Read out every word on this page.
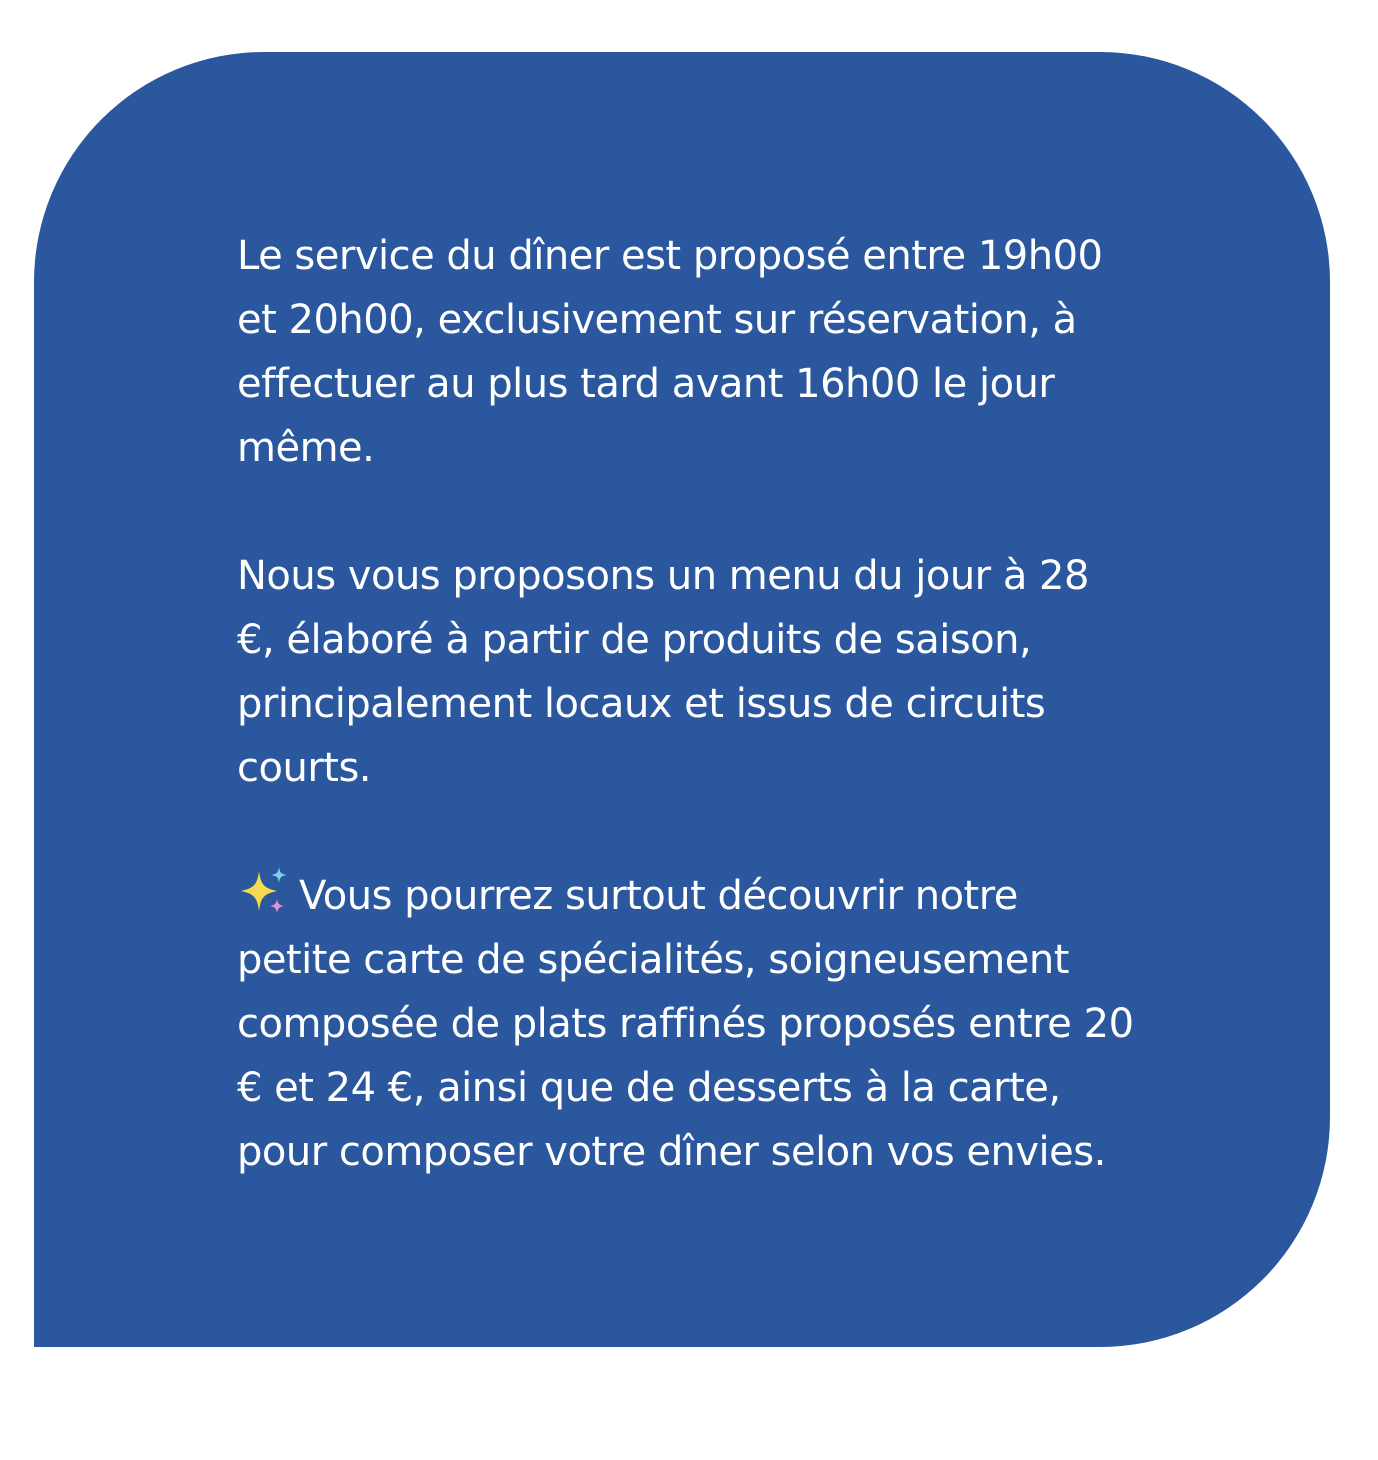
Le service du dîner est proposé entre 19h00 et 20h00, exclusivement sur réservation, à effectuer au plus tard avant 16h00 le jour même.

Nous vous proposons un menu du jour à 28 €, élaboré à partir de produits de saison, principalement locaux et issus de circuits courts.

Vous pourrez surtout découvrir notre petite carte de spécialités, soigneusement composée de plats raffinés proposés entre 20 € et 24 €, ainsi que de desserts à la carte, pour composer votre dîner selon vos envies.
